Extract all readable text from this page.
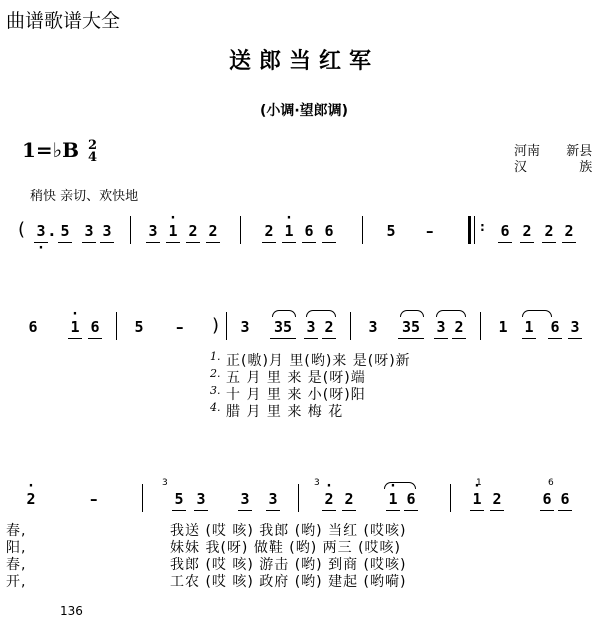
曲谱歌谱大全
送郎当红军
(小调·望郎调)
1=♭B 2
4	河南 新县
汉	族
稍快 亲切、欢快地
( · 3 . 5 3 3 3 · 1 2 2	2 · 1 6 6	5 –	: 6 2 2 2
6 · 1 6 5 – ) 3 35 3 2 3 35 3 2 1 1 6 3
1. 正(嗷)月 里(哟)来 是(呀)新
2. 五 月 里 来 是(呀)端
3. 十 月 里 来 小(呀)阳
4. 腊 月 里 来 梅 花
· 2	–
3
5 3 3 3
3
· 2 2 · 1 6
1
· 1 2
6
6 6
春,	我送 (哎 咳) 我郎 (哟) 当红 (哎咳)
阳,	妹妹 我(呀) 做鞋 (哟) 两三 (哎咳)
春,	我郎 (哎 咳) 游击 (哟) 到商 (哎咳)
开,	工农 (哎 咳) 政府 (哟) 建起 (哟嗬)
136
